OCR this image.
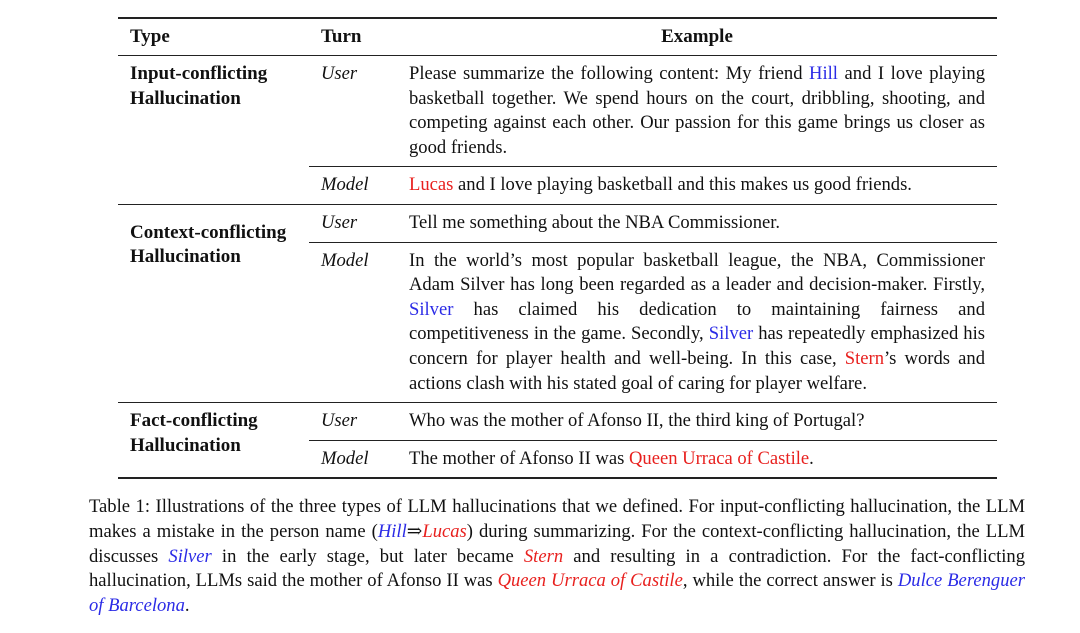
Type	Turn	Example
Input-conflicting
Hallucination	User	Please summarize the following content: My friend Hill and I love playing basketball together. We spend hours on the court, dribbling, shooting, and competing against each other. Our passion for this game brings us closer as good friends.
	Model	Lucas and I love playing basketball and this makes us good friends.
Context-conflicting
Hallucination	User	Tell me something about the NBA Commissioner.
	Model	In the world’s most popular basketball league, the NBA, Commissioner Adam Silver has long been regarded as a leader and decision-maker. Firstly, Silver has claimed his dedication to maintaining fairness and competitiveness in the game. Secondly, Silver has repeatedly emphasized his concern for player health and well-being. In this case, Stern’s words and actions clash with his stated goal of caring for player welfare.
Fact-conflicting
Hallucination	User	Who was the mother of Afonso II, the third king of Portugal?
	Model	The mother of Afonso II was Queen Urraca of Castile.

Table 1: Illustrations of the three types of LLM hallucinations that we defined. For input-conflicting hallucination, the LLM makes a mistake in the person name (Hill⇒Lucas) during summarizing. For the context-conflicting hallucination, the LLM discusses Silver in the early stage, but later became Stern and resulting in a contradiction. For the fact-conflicting hallucination, LLMs said the mother of Afonso II was Queen Urraca of Castile, while the correct answer is Dulce Berenguer of Barcelona.
